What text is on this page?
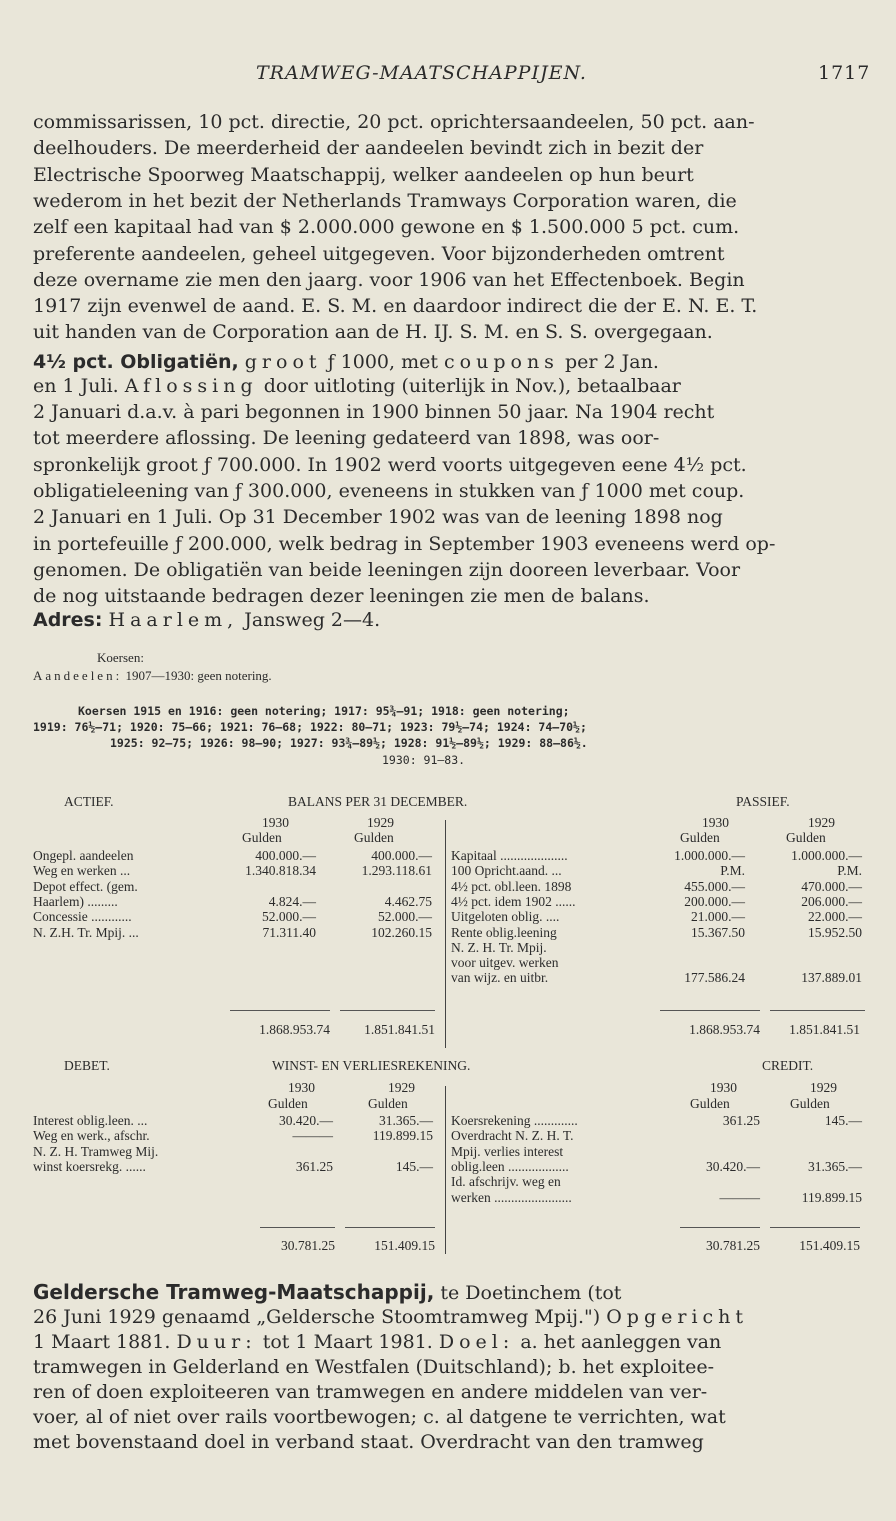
TRAMWEG-MAATSCHAPPIJEN.	1717
commissarissen, 10 pct. directie, 20 pct. oprichtersaandeelen, 50 pct. aan-
deelhouders. De meerderheid der aandeelen bevindt zich in bezit der
Electrische Spoorweg Maatschappij, welker aandeelen op hun beurt
wederom in het bezit der Netherlands Tramways Corporation waren, die
zelf een kapitaal had van $ 2.000.000 gewone en $ 1.500.000 5 pct. cum.
preferente aandeelen, geheel uitgegeven. Voor bijzonderheden omtrent
deze overname zie men den jaarg. voor 1906 van het Effectenboek. Begin
1917 zijn evenwel de aand. E. S. M. en daardoor indirect die der E. N. E. T.
uit handen van de Corporation aan de H. IJ. S. M. en S. S. overgegaan.
4½ pct. Obligatiën, groot ƒ 1000, met coupons per 2 Jan.
en 1 Juli. Aflossing door uitloting (uiterlijk in Nov.), betaalbaar
2 Januari d.a.v. à pari begonnen in 1900 binnen 50 jaar. Na 1904 recht
tot meerdere aflossing. De leening gedateerd van 1898, was oor-
spronkelijk groot ƒ 700.000. In 1902 werd voorts uitgegeven eene 4½ pct.
obligatieleening van ƒ 300.000, eveneens in stukken van ƒ 1000 met coup.
2 Januari en 1 Juli. Op 31 December 1902 was van de leening 1898 nog
in portefeuille ƒ 200.000, welk bedrag in September 1903 eveneens werd op-
genomen. De obligatiën van beide leeningen zijn dooreen leverbaar. Voor
de nog uitstaande bedragen dezer leeningen zie men de balans.
Adres: Haarlem, Jansweg 2—4.
Koersen:
Aandeelen: 1907—1930: geen notering.
Koersen 1915 en 1916: geen notering; 1917: 95¾—91; 1918: geen notering;
1919: 76½—71; 1920: 75—66; 1921: 76—68; 1922: 80—71; 1923: 79½—74; 1924: 74—70½;
1925: 92—75; 1926: 98—90; 1927: 93¾—89½; 1928: 91½—89½; 1929: 88—86½.
1930: 91—83.
ACTIEF.	BALANS PER 31 DECEMBER.	PASSIEF.
1930	1929
Gulden	Gulden
1930	1929
Gulden	Gulden
Ongepl. aandeelen	400.000.—	400.000.—
Weg en werken ...	1.340.818.34	1.293.118.61
Depot effect. (gem.
Haarlem) .........	4.824.—	4.462.75
Concessie ............	52.000.—	52.000.—
N. Z.H. Tr. Mpij. ...	71.311.40	102.260.15
Kapitaal ....................	1.000.000.—	1.000.000.—
100 Opricht.aand. ...	P.M.	P.M.
4½ pct. obl.leen. 1898	455.000.—	470.000.—
4½ pct. idem 1902 ......	200.000.—	206.000.—
Uitgeloten oblig. ....	21.000.—	22.000.—
Rente oblig.leening	15.367.50	15.952.50
N. Z. H. Tr. Mpij.
voor uitgev. werken
van wijz. en uitbr.	177.586.24	137.889.01
1.868.953.74	1.851.841.51	1.868.953.74	1.851.841.51
DEBET.	WINST- EN VERLIESREKENING.	CREDIT.
1930	1929
Gulden	Gulden
1930	1929
Gulden	Gulden
Interest oblig.leen. ...	30.420.—	31.365.—
Weg en werk., afschr.	———	119.899.15
N. Z. H. Tramweg Mij.
winst koersrekg. ......	361.25	145.—
Koersrekening .............	361.25	145.—
Overdracht N. Z. H. T.
Mpij. verlies interest
oblig.leen ..................	30.420.—	31.365.—
Id. afschrijv. weg en
werken .......................	———	119.899.15
30.781.25	151.409.15	30.781.25	151.409.15
Geldersche Tramweg-Maatschappij, te Doetinchem (tot
26 Juni 1929 genaamd „Geldersche Stoomtramweg Mpij.") Opgericht
1 Maart 1881. Duur: tot 1 Maart 1981. Doel: a. het aanleggen van
tramwegen in Gelderland en Westfalen (Duitschland); b. het exploitee-
ren of doen exploiteeren van tramwegen en andere middelen van ver-
voer, al of niet over rails voortbewogen; c. al datgene te verrichten, wat
met bovenstaand doel in verband staat. Overdracht van den tramweg
